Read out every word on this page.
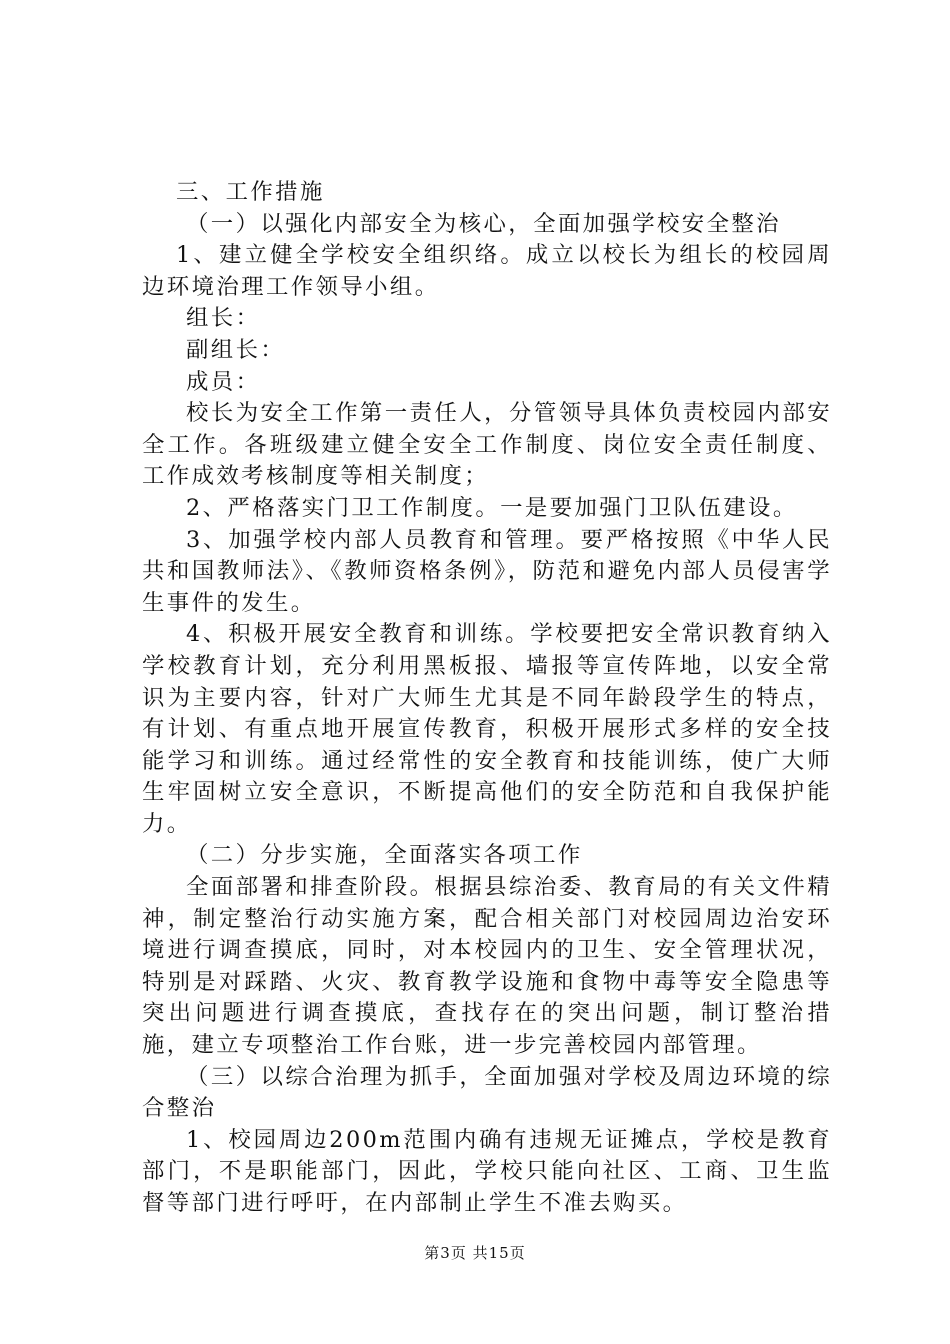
三、工作措施

（一）以强化内部安全为核心，全面加强学校安全整治

1、建立健全学校安全组织络。成立以校长为组长的校园周边环境治理工作领导小组。

组长：

副组长：

成员：

校长为安全工作第一责任人，分管领导具体负责校园内部安全工作。各班级建立健全安全工作制度、岗位安全责任制度、工作成效考核制度等相关制度；

2、严格落实门卫工作制度。一是要加强门卫队伍建设。

3、加强学校内部人员教育和管理。要严格按照《中华人民共和国教师法》、《教师资格条例》，防范和避免内部人员侵害学生事件的发生。

4、积极开展安全教育和训练。学校要把安全常识教育纳入学校教育计划，充分利用黑板报、墙报等宣传阵地，以安全常识为主要内容，针对广大师生尤其是不同年龄段学生的特点，有计划、有重点地开展宣传教育，积极开展形式多样的安全技能学习和训练。通过经常性的安全教育和技能训练，使广大师生牢固树立安全意识，不断提高他们的安全防范和自我保护能力。

（二）分步实施，全面落实各项工作

全面部署和排查阶段。根据县综治委、教育局的有关文件精神，制定整治行动实施方案，配合相关部门对校园周边治安环境进行调查摸底，同时，对本校园内的卫生、安全管理状况，特别是对踩踏、火灾、教育教学设施和食物中毒等安全隐患等突出问题进行调查摸底，查找存在的突出问题，制订整治措施，建立专项整治工作台账，进一步完善校园内部管理。

（三）以综合治理为抓手，全面加强对学校及周边环境的综合整治

1、校园周边200m范围内确有违规无证摊点，学校是教育部门，不是职能部门，因此，学校只能向社区、工商、卫生监督等部门进行呼吁，在内部制止学生不准去购买。

第3页 共15页
